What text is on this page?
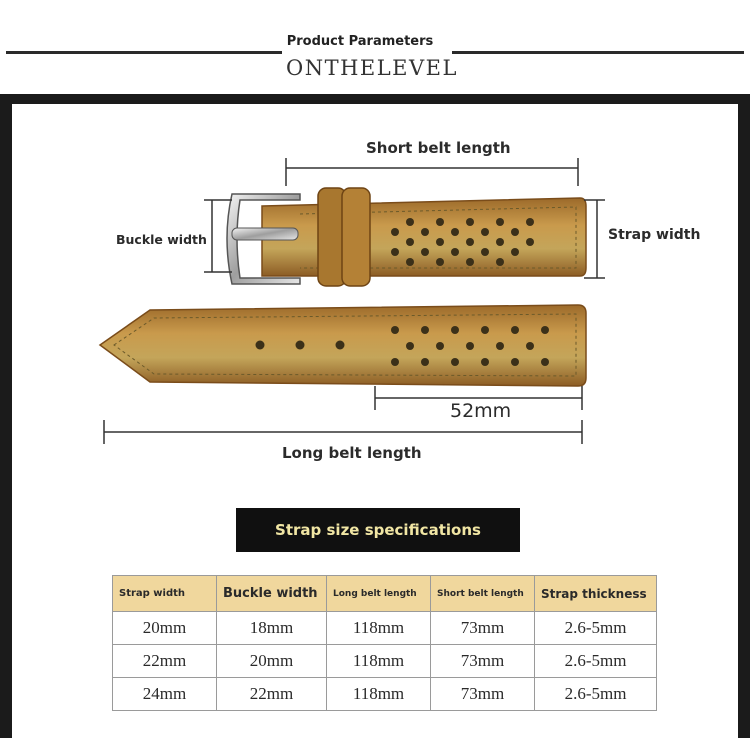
Product Parameters
ONTHELEVEL
Short belt length
Buckle width	Strap width
52mm
Long belt length
Strap size specifications
Strap width	Buckle width	Long belt length	Short belt length	Strap thickness
20mm	18mm	118mm	73mm	2.6-5mm
22mm	20mm	118mm	73mm	2.6-5mm
24mm	22mm	118mm	73mm	2.6-5mm
